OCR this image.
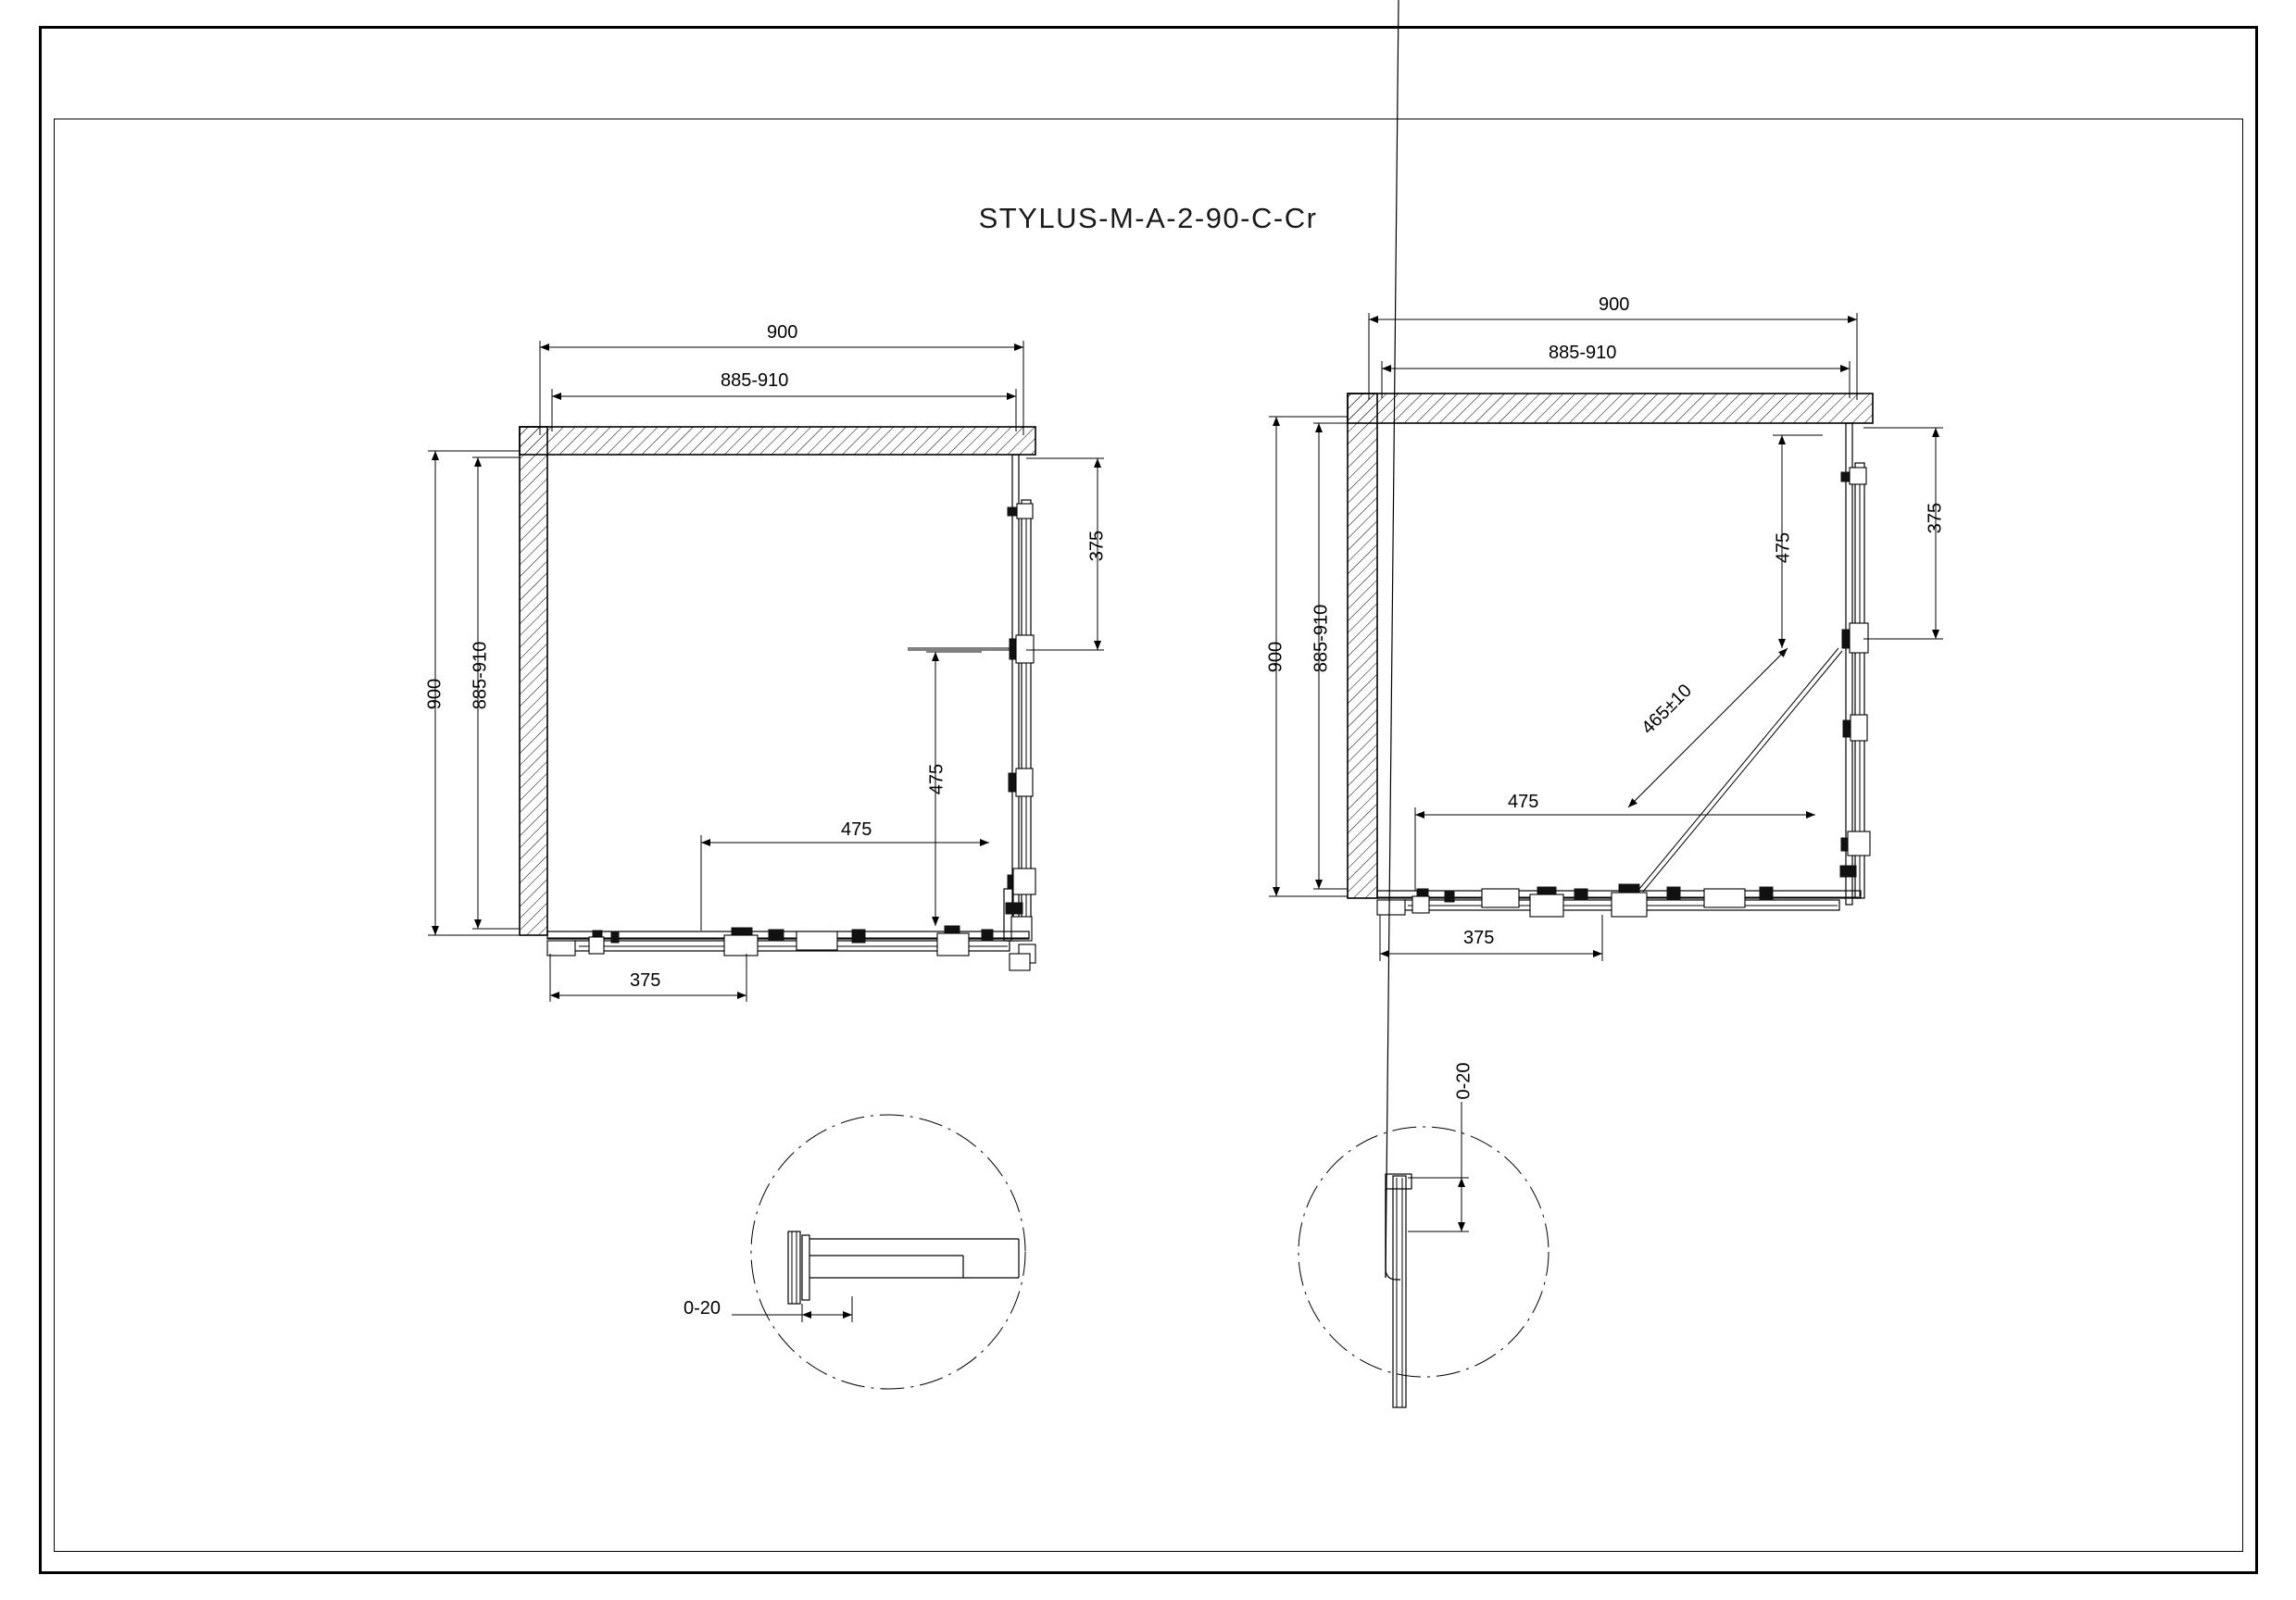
STYLUS-M-A-2-90-C-Cr
900
885-910
900 885-910
375
475
475
375
900
885-910
900 885-910
375
475
475
465±10
375
0-20
0-20
